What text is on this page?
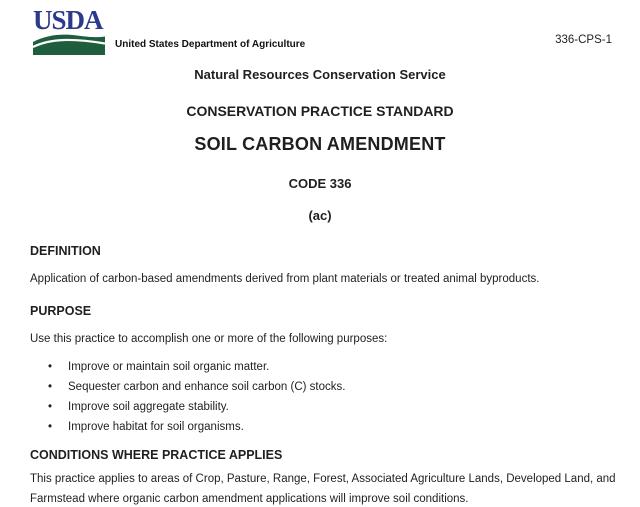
USDA
United States Department of Agriculture	336-CPS-1
Natural Resources Conservation Service
CONSERVATION PRACTICE STANDARD
SOIL CARBON AMENDMENT
CODE 336
(ac)
DEFINITION

Application of carbon-based amendments derived from plant materials or treated animal byproducts.

PURPOSE

Use this practice to accomplish one or more of the following purposes:

• Improve or maintain soil organic matter.
• Sequester carbon and enhance soil carbon (C) stocks.
• Improve soil aggregate stability.
• Improve habitat for soil organisms.
CONDITIONS WHERE PRACTICE APPLIES

This practice applies to areas of Crop, Pasture, Range, Forest, Associated Agriculture Lands, Developed Land, and Farmstead where organic carbon amendment applications will improve soil conditions.
